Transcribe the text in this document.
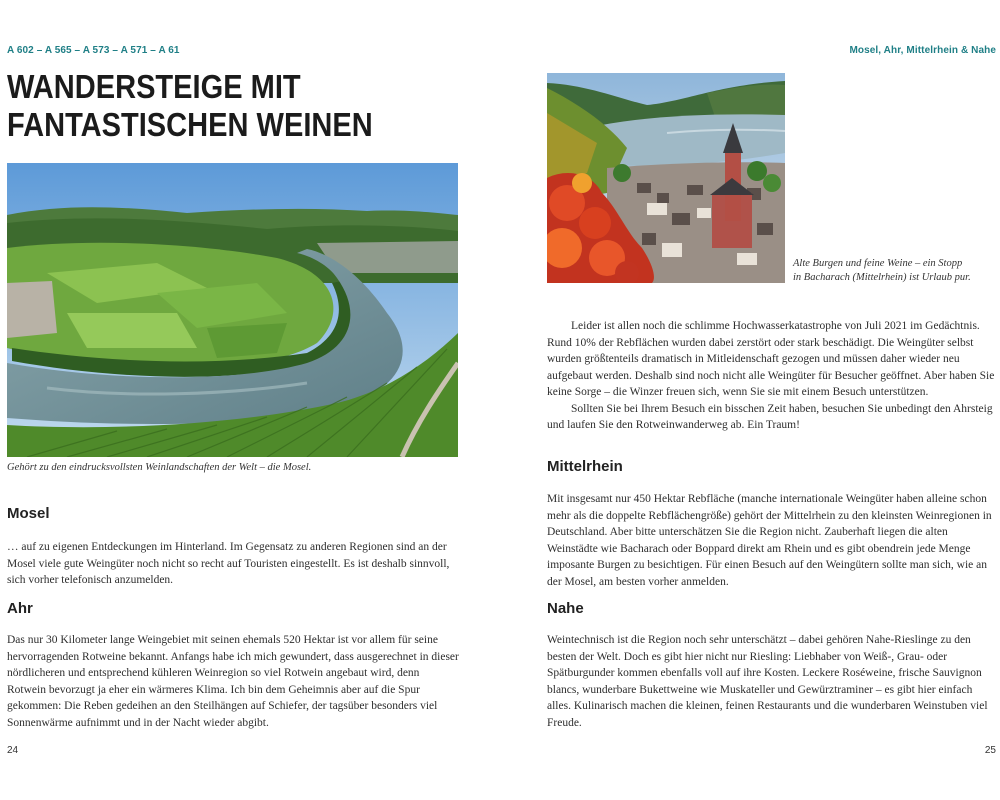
A 602 – A 565 – A 573 – A 571 – A 61
WANDERSTEIGE MIT
FANTASTISCHEN WEINEN
Gehört zu den eindrucksvollsten Weinlandschaften der Welt – die Mosel.
Mosel

… auf zu eigenen Entdeckungen im Hinterland. Im Gegensatz zu anderen Regionen sind an der Mosel viele gute Weingüter noch nicht so recht auf Touristen eingestellt. Es ist deshalb sinnvoll, sich vorher telefonisch anzumelden.

Ahr

Das nur 30 Kilometer lange Weingebiet mit seinen ehemals 520 Hektar ist vor allem für seine hervorragenden Rotweine bekannt. Anfangs habe ich mich gewundert, dass ausgerechnet in dieser nördlicheren und entsprechend kühleren Weinregion so viel Rotwein angebaut wird, denn Rotwein bevorzugt ja eher ein wärmeres Klima. Ich bin dem Geheimnis aber auf die Spur gekommen: Die Reben gedeihen an den Steilhängen auf Schiefer, der tagsüber besonders viel Sonnenwärme aufnimmt und in der Nacht wieder abgibt.

24
Mosel, Ahr, Mittelrhein & Nahe
Alte Burgen und feine Weine – ein Stopp
in Bacharach (Mittelrhein) ist Urlaub pur.

Leider ist allen noch die schlimme Hochwasserkatastrophe von Juli 2021 im Gedächtnis. Rund 10% der Rebflächen wurden dabei zerstört oder stark beschädigt. Die Weingüter selbst wurden größtenteils dramatisch in Mitleidenschaft gezogen und müssen daher wieder neu aufgebaut werden. Deshalb sind noch nicht alle Weingüter für Besucher geöffnet. Aber haben Sie keine Sorge – die Winzer freuen sich, wenn Sie sie mit einem Besuch unterstützen.

Sollten Sie bei Ihrem Besuch ein bisschen Zeit haben, besuchen Sie unbedingt den Ahrsteig und laufen Sie den Rotweinwanderweg ab. Ein Traum!

Mittelrhein

Mit insgesamt nur 450 Hektar Rebfläche (manche internationale Weingüter haben alleine schon mehr als die doppelte Rebflächengröße) gehört der Mittelrhein zu den kleinsten Weinregionen in Deutschland. Aber bitte unterschätzen Sie die Region nicht. Zauberhaft liegen die alten Weinstädte wie Bacharach oder Boppard direkt am Rhein und es gibt obendrein jede Menge imposante Burgen zu besichtigen. Für einen Besuch auf den Weingütern sollte man sich, wie an der Mosel, am besten vorher anmelden.

Nahe

Weintechnisch ist die Region noch sehr unterschätzt – dabei gehören Nahe-Rieslinge zu den besten der Welt. Doch es gibt hier nicht nur Riesling: Liebhaber von Weiß-, Grau- oder Spätburgunder kommen ebenfalls voll auf ihre Kosten. Leckere Roséweine, frische Sauvignon blancs, wunderbare Bukettweine wie Muskateller und Gewürztraminer – es gibt hier einfach alles. Kulinarisch machen die kleinen, feinen Restaurants und die wunderbaren Weinstuben viel Freude.

25
